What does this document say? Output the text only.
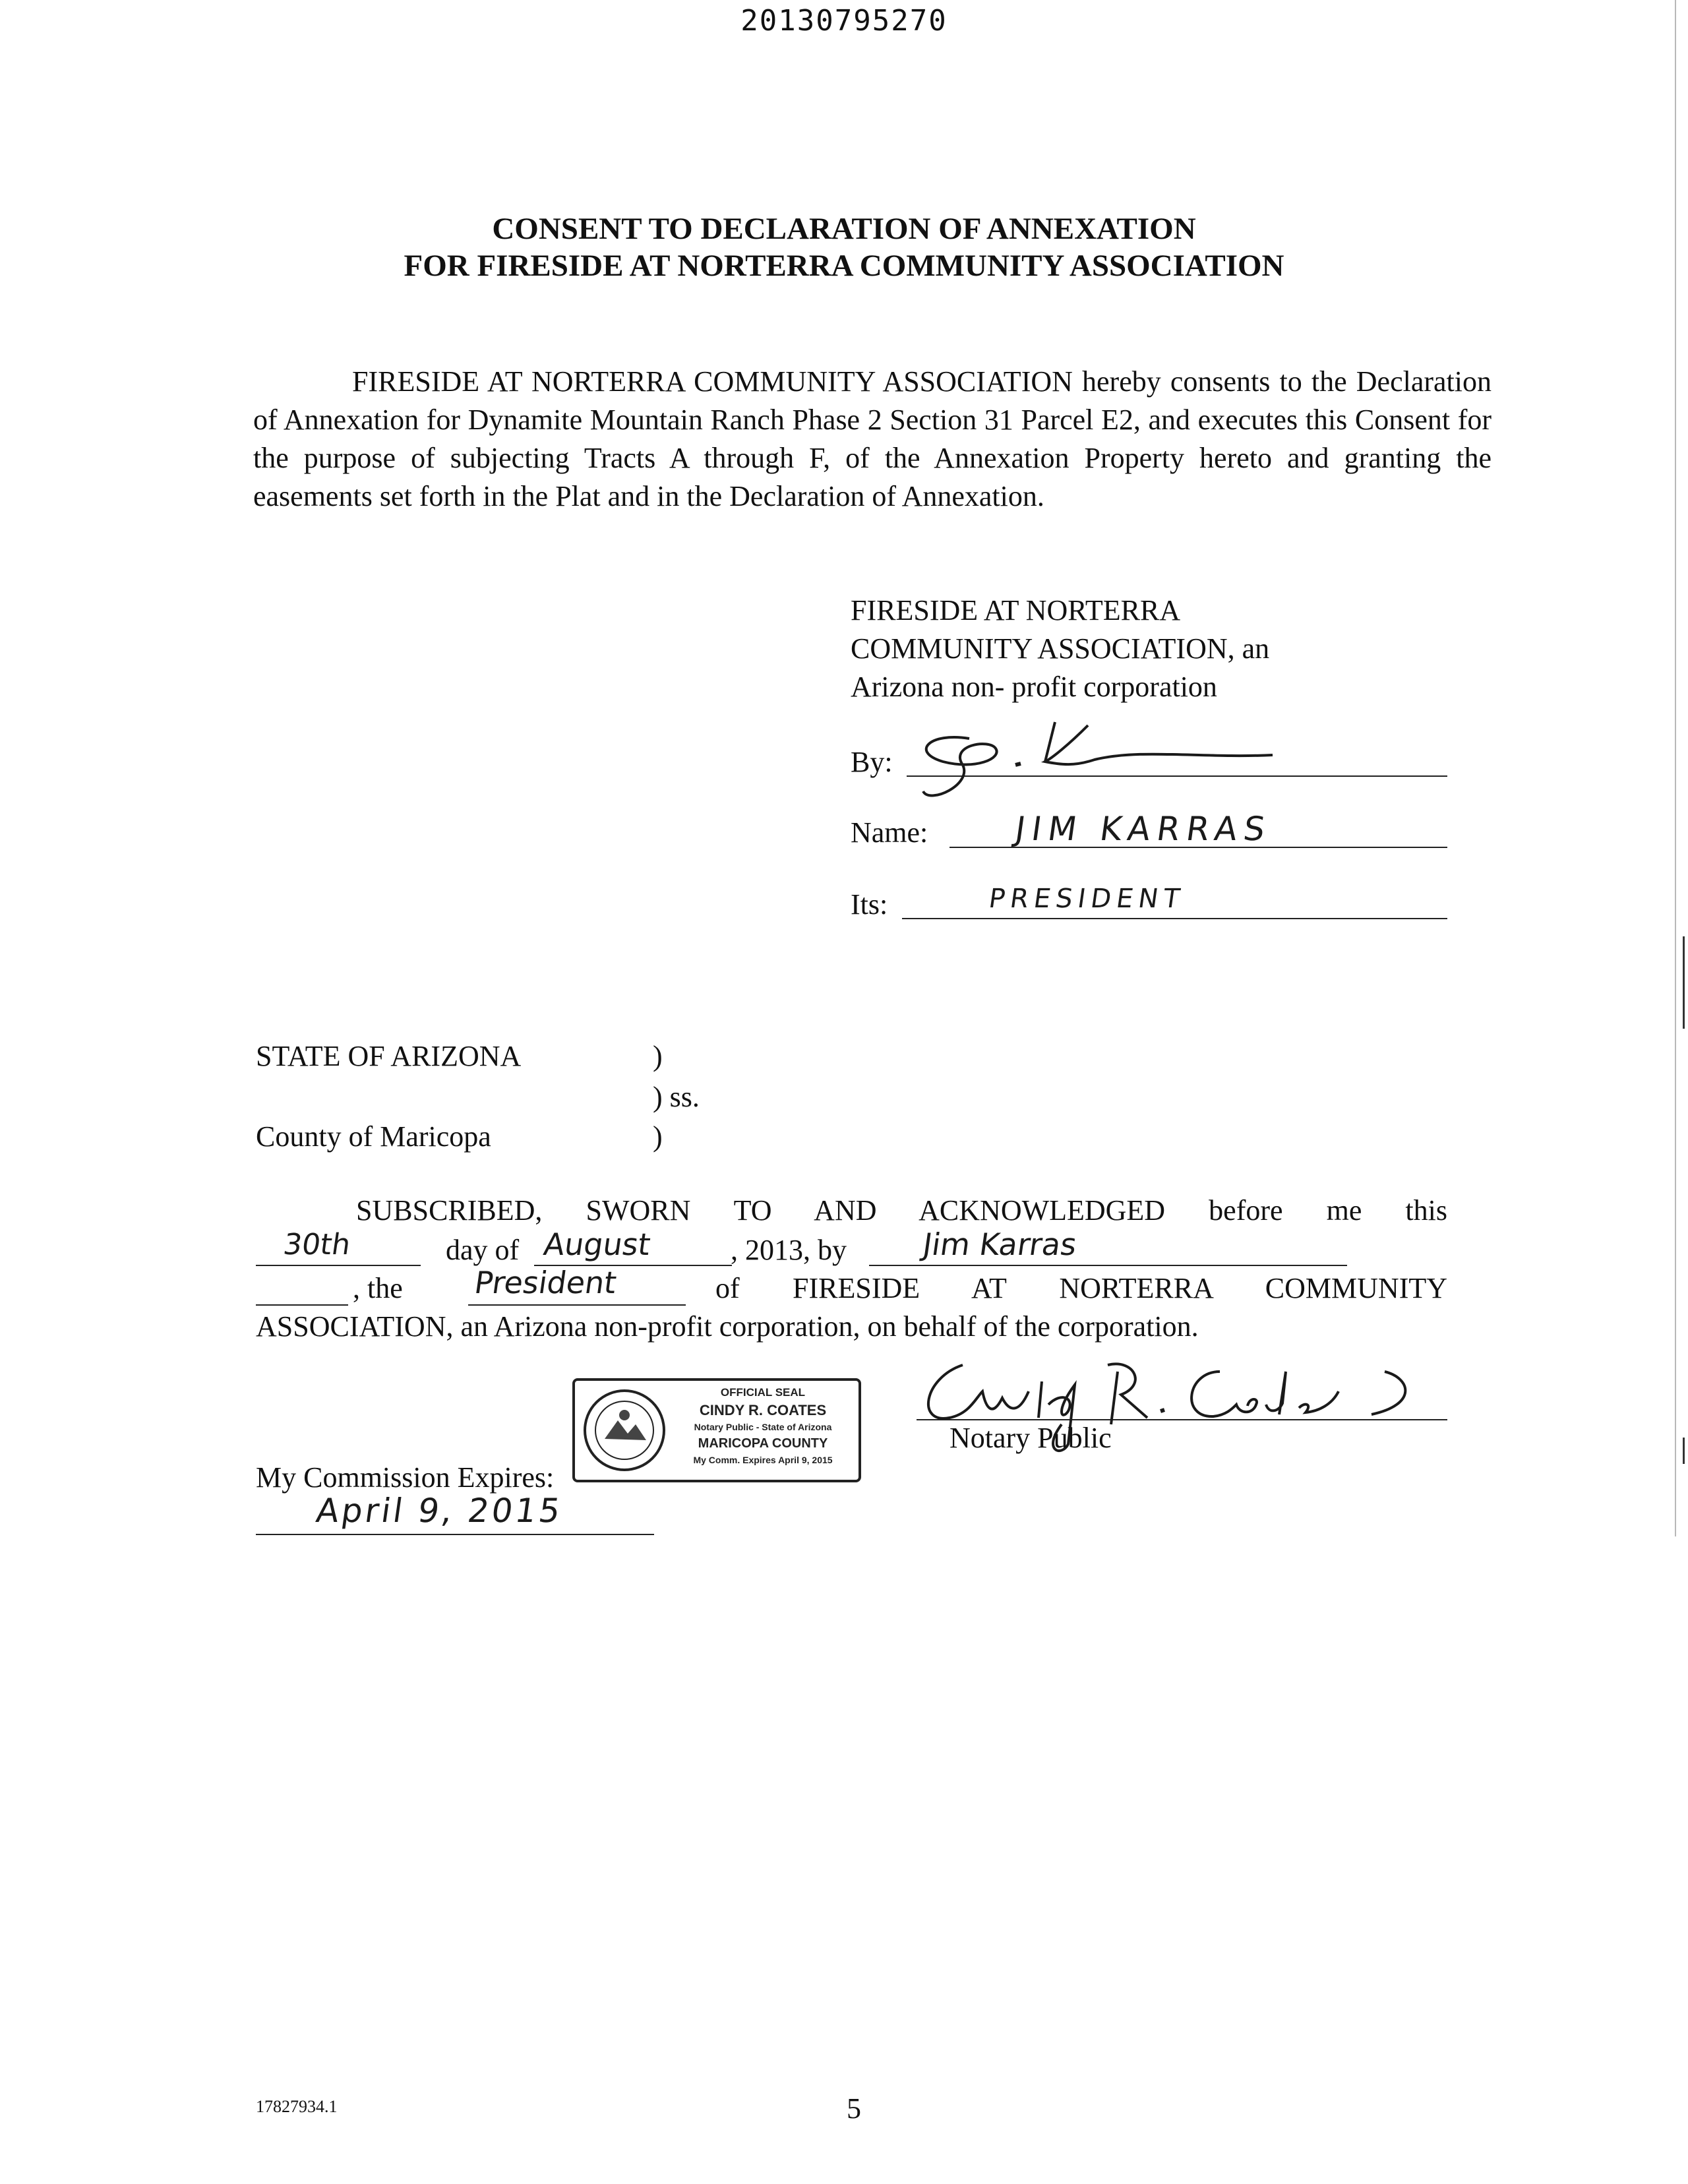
20130795270
CONSENT TO DECLARATION OF ANNEXATION
FOR FIRESIDE AT NORTERRA COMMUNITY ASSOCIATION
FIRESIDE AT NORTERRA COMMUNITY ASSOCIATION hereby consents to the Declaration of Annexation for Dynamite Mountain Ranch Phase 2 Section 31 Parcel E2, and executes this Consent for the purpose of subjecting Tracts A through F, of the Annexation Property hereto and granting the easements set forth in the Plat and in the Declaration of Annexation.
FIRESIDE AT NORTERRA
COMMUNITY ASSOCIATION, an
Arizona non- profit corporation
By:
Name:	JIM KARRAS
Its:	PRESIDENT
STATE OF ARIZONA	)
) ss.
County of Maricopa	)
SUBSCRIBED, SWORN TO AND ACKNOWLEDGED before me this
30th	day of August	, 2013, by Jim Karras
, the President	of FIRESIDE AT NORTERRA COMMUNITY
ASSOCIATION, an Arizona non-profit corporation, on behalf of the corporation.
Notary Public
OFFICIAL SEAL
CINDY R. COATES
Notary Public - State of Arizona
MARICOPA COUNTY
My Comm. Expires April 9, 2015
My Commission Expires:
April 9, 2015
17827934.1	5
